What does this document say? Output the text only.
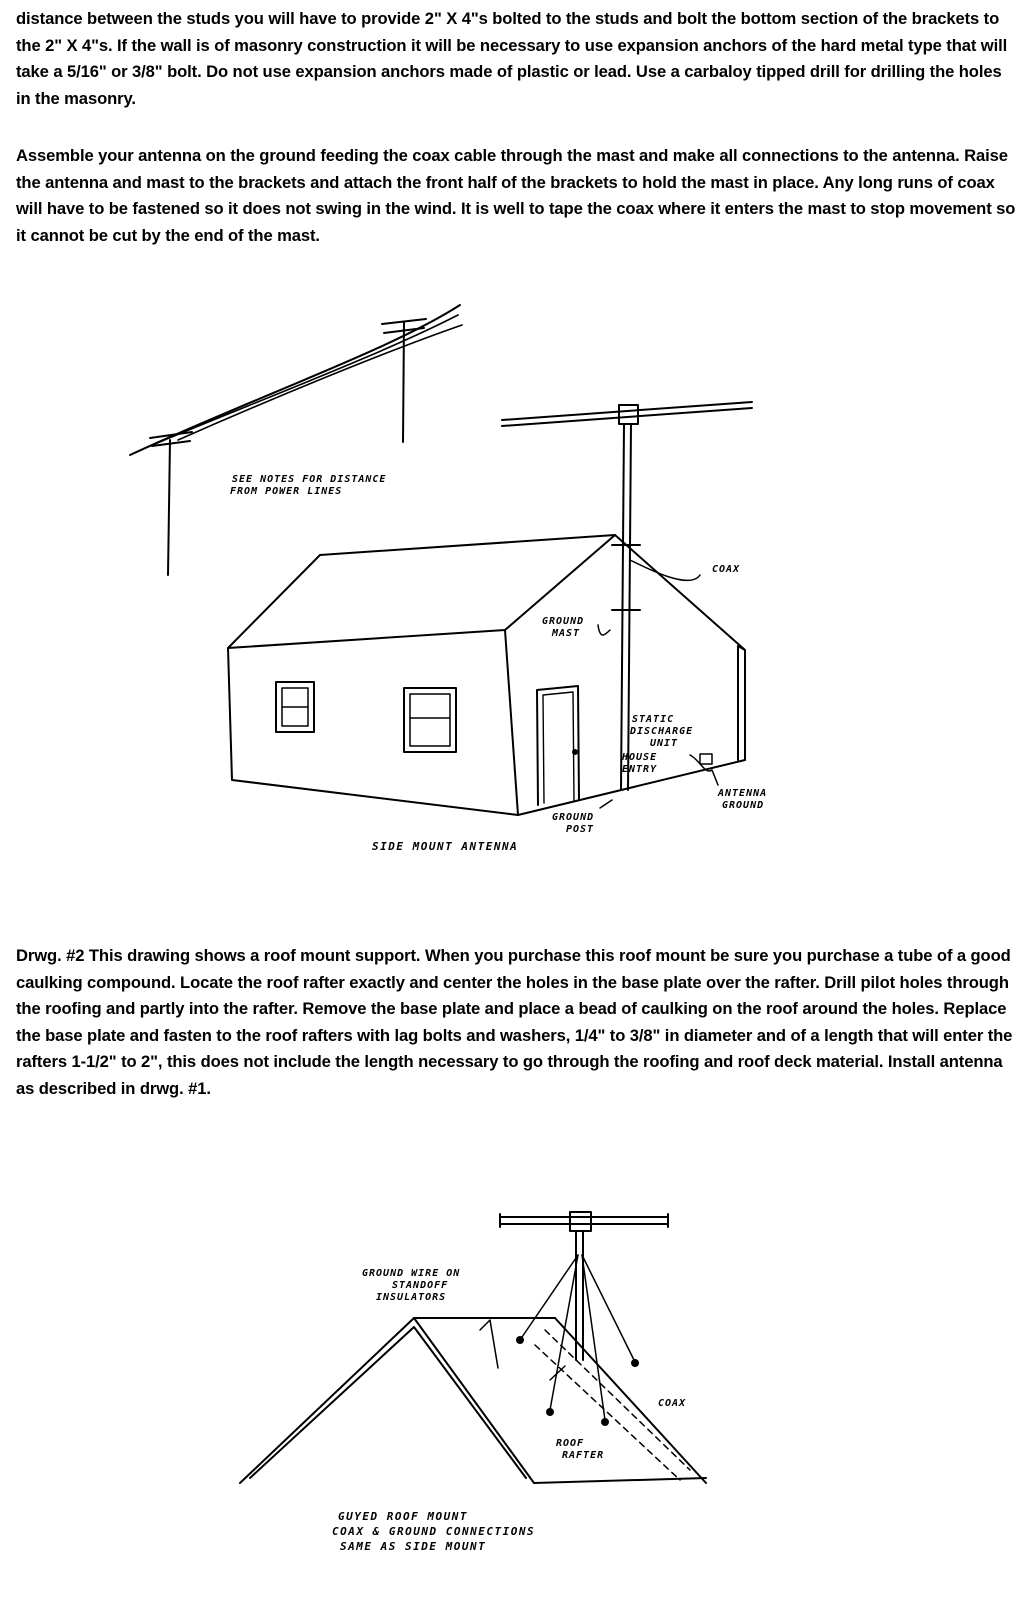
distance between the studs you will have to provide 2" X 4"s bolted to the studs and bolt the bottom section of the brackets to the 2" X 4"s. If the wall is of masonry construction it will be necessary to use expansion anchors of the hard metal type that will take a 5/16" or 3/8" bolt. Do not use expansion anchors made of plastic or lead. Use a carbaloy tipped drill for drilling the holes in the masonry.
Assemble your antenna on the ground feeding the coax cable through the mast and make all connections to the antenna. Raise the antenna and mast to the brackets and attach the front half of the brackets to hold the mast in place. Any long runs of coax will have to be fastened so it does not swing in the wind. It is well to tape the coax where it enters the mast to stop movement so it cannot be cut by the end of the mast.
Drwg. #2 This drawing shows a roof mount support. When you purchase this roof mount be sure you purchase a tube of a good caulking compound. Locate the roof rafter exactly and center the holes in the base plate over the rafter. Drill pilot holes through the roofing and partly into the rafter. Remove the base plate and place a bead of caulking on the roof around the holes. Replace the base plate and fasten to the roof rafters with lag bolts and washers, 1/4" to 3/8" in diameter and of a length that will enter the rafters 1-1/2" to 2", this does not include the length necessary to go through the roofing and roof deck material. Install antenna as described in drwg. #1.
SEE NOTES FOR DISTANCE
FROM POWER LINES
COAX
GROUND
MAST
STATIC
DISCHARGE
UNIT
HOUSE
ENTRY
ANTENNA
GROUND
GROUND
POST
SIDE MOUNT ANTENNA
GROUND WIRE ON
STANDOFF
INSULATORS
COAX
ROOF
RAFTER
GUYED ROOF MOUNT
COAX & GROUND CONNECTIONS
SAME AS SIDE MOUNT
